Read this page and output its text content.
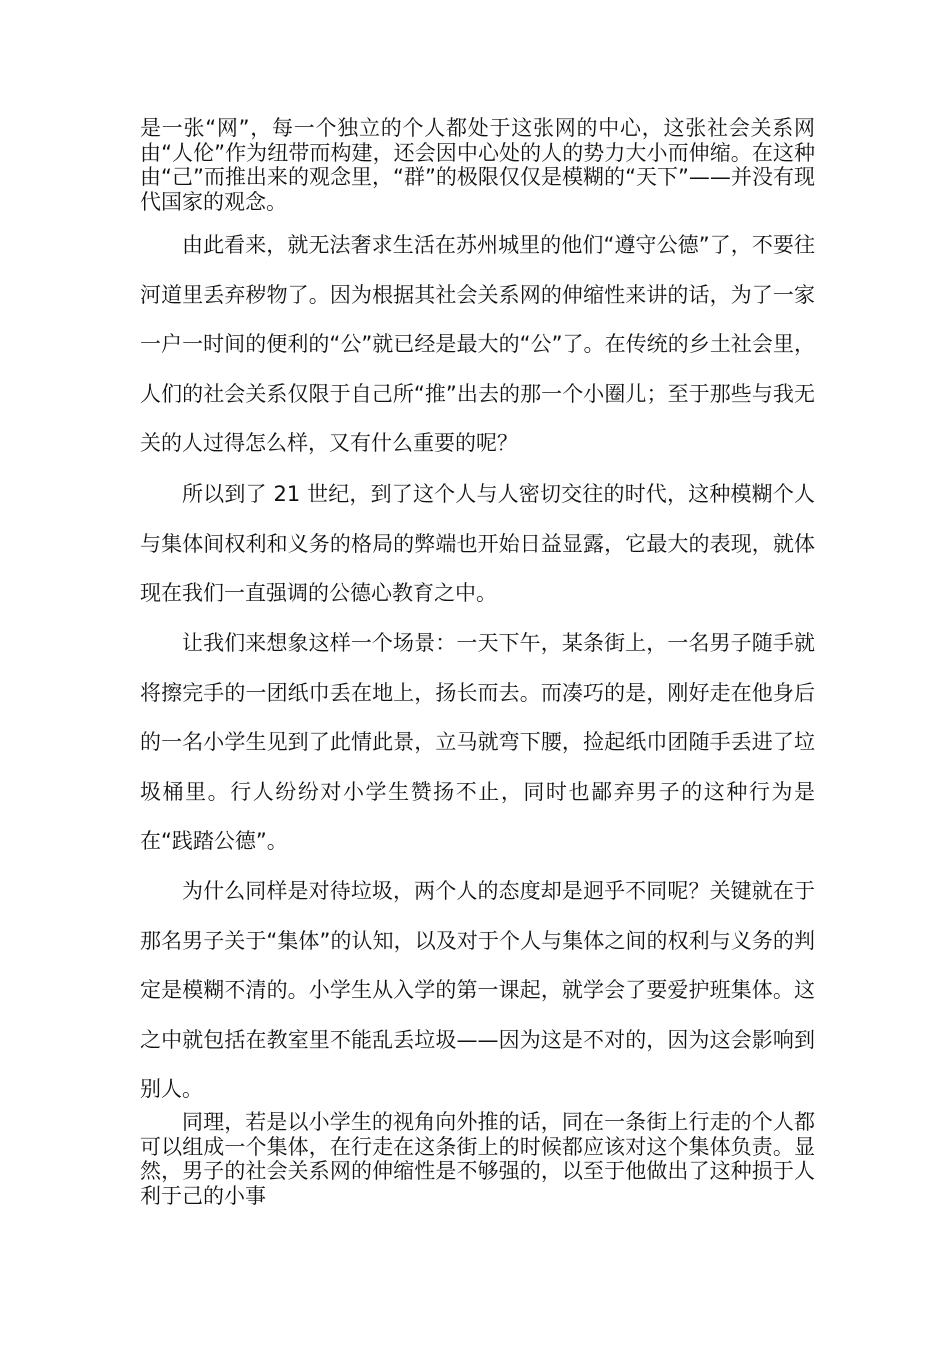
是一张“网”，每一个独立的个人都处于这张网的中心，这张社会关系网由“人伦”作为纽带而构建，还会因中心处的人的势力大小而伸缩。在这种由“己”而推出来的观念里，“群”的极限仅仅是模糊的“天下”——并没有现代国家的观念。

由此看来，就无法奢求生活在苏州城里的他们“遵守公德”了，不要往河道里丢弃秽物了。因为根据其社会关系网的伸缩性来讲的话，为了一家一户一时间的便利的“公”就已经是最大的“公”了。在传统的乡土社会里，人们的社会关系仅限于自己所“推”出去的那一个小圈儿；至于那些与我无关的人过得怎么样，又有什么重要的呢？

所以到了 21 世纪，到了这个人与人密切交往的时代，这种模糊个人与集体间权利和义务的格局的弊端也开始日益显露，它最大的表现，就体现在我们一直强调的公德心教育之中。

让我们来想象这样一个场景：一天下午，某条街上，一名男子随手就将擦完手的一团纸巾丢在地上，扬长而去。而凑巧的是，刚好走在他身后的一名小学生见到了此情此景，立马就弯下腰，捡起纸巾团随手丢进了垃圾桶里。行人纷纷对小学生赞扬不止，同时也鄙弃男子的这种行为是在“践踏公德”。

为什么同样是对待垃圾，两个人的态度却是迥乎不同呢？关键就在于那名男子关于“集体”的认知，以及对于个人与集体之间的权利与义务的判定是模糊不清的。小学生从入学的第一课起，就学会了要爱护班集体。这之中就包括在教室里不能乱丢垃圾——因为这是不对的，因为这会影响到别人。

同理，若是以小学生的视角向外推的话，同在一条街上行走的个人都可以组成一个集体，在行走在这条街上的时候都应该对这个集体负责。显然，男子的社会关系网的伸缩性是不够强的，以至于他做出了这种损于人利于己的小事
